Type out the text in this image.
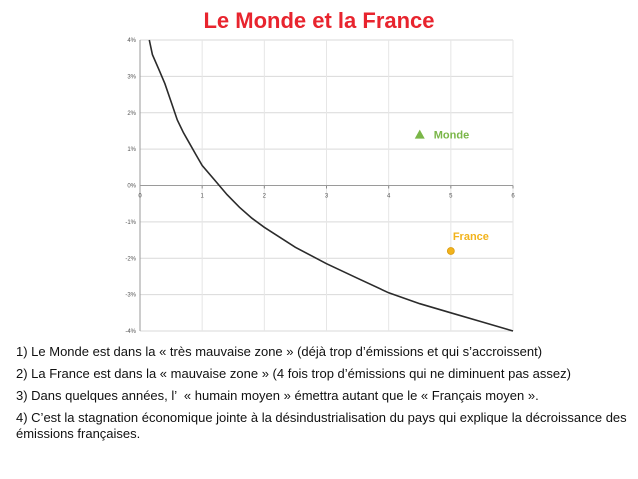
Le Monde et la France
4%
3%
2%
1%
0%
-1%
-2%
-3%
-4%
0	1	2	3	4	5	6
Monde
France

1) Le Monde est dans la « très mauvaise zone » (déjà trop d’émissions et qui s’accroissent)

2) La France est dans la « mauvaise zone » (4 fois trop d’émissions qui ne diminuent pas assez)

3) Dans quelques années, l’  « humain moyen » émettra autant que le « Français moyen ».

4) C’est la stagnation économique jointe à la désindustrialisation du pays qui explique la décroissance des émissions françaises.
